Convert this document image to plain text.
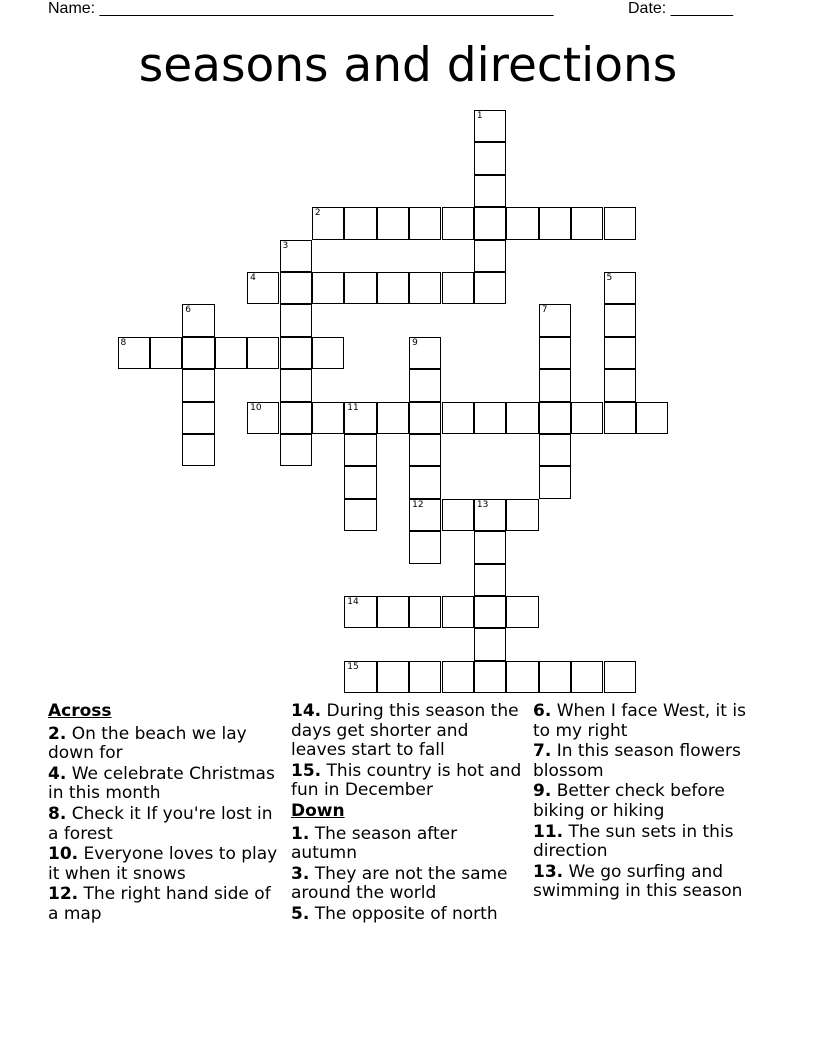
Name: ___________________________________________________	Date: _______
seasons and directions
1
2
3
4	5
6	7
8	9
12
10	11
13
14
15
Across
2. On the beach we lay down for
4. We celebrate Christmas in this month
8. Check it If you're lost in a forest
10. Everyone loves to play it when it snows
12. The right hand side of a map
14. During this season the days get shorter and leaves start to fall
15. This country is hot and fun in December
Down
1. The season after autumn
3. They are not the same around the world
5. The opposite of north
6. When I face West, it is to my right
7. In this season flowers blossom
9. Better check before biking or hiking
11. The sun sets in this direction
13. We go surfing and swimming in this season
